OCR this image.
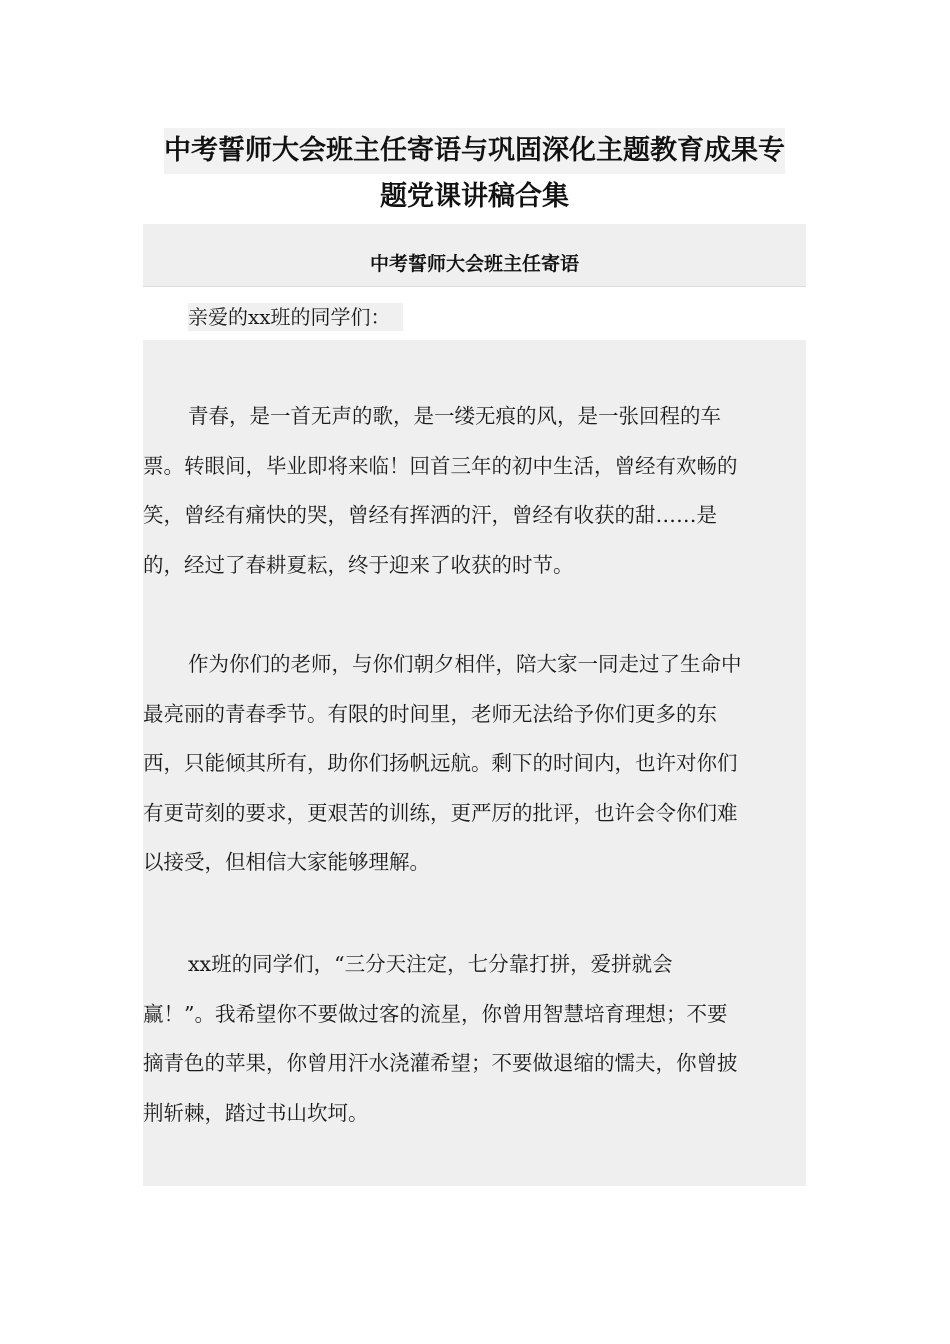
中考誓师大会班主任寄语与巩固深化主题教育成果专
题党课讲稿合集
中考誓师大会班主任寄语
亲爱的xx班的同学们：
青春，是一首无声的歌，是一缕无痕的风，是一张回程的车
票。转眼间，毕业即将来临！回首三年的初中生活，曾经有欢畅的
笑，曾经有痛快的哭，曾经有挥洒的汗，曾经有收获的甜……是
的，经过了春耕夏耘，终于迎来了收获的时节。
作为你们的老师，与你们朝夕相伴，陪大家一同走过了生命中
最亮丽的青春季节。有限的时间里，老师无法给予你们更多的东
西，只能倾其所有，助你们扬帆远航。剩下的时间内，也许对你们
有更苛刻的要求，更艰苦的训练，更严厉的批评，也许会令你们难
以接受，但相信大家能够理解。
xx班的同学们，“三分天注定，七分靠打拼，爱拼就会
赢！”。我希望你不要做过客的流星，你曾用智慧培育理想；不要
摘青色的苹果，你曾用汗水浇灌希望；不要做退缩的懦夫，你曾披
荆斩棘，踏过书山坎坷。
